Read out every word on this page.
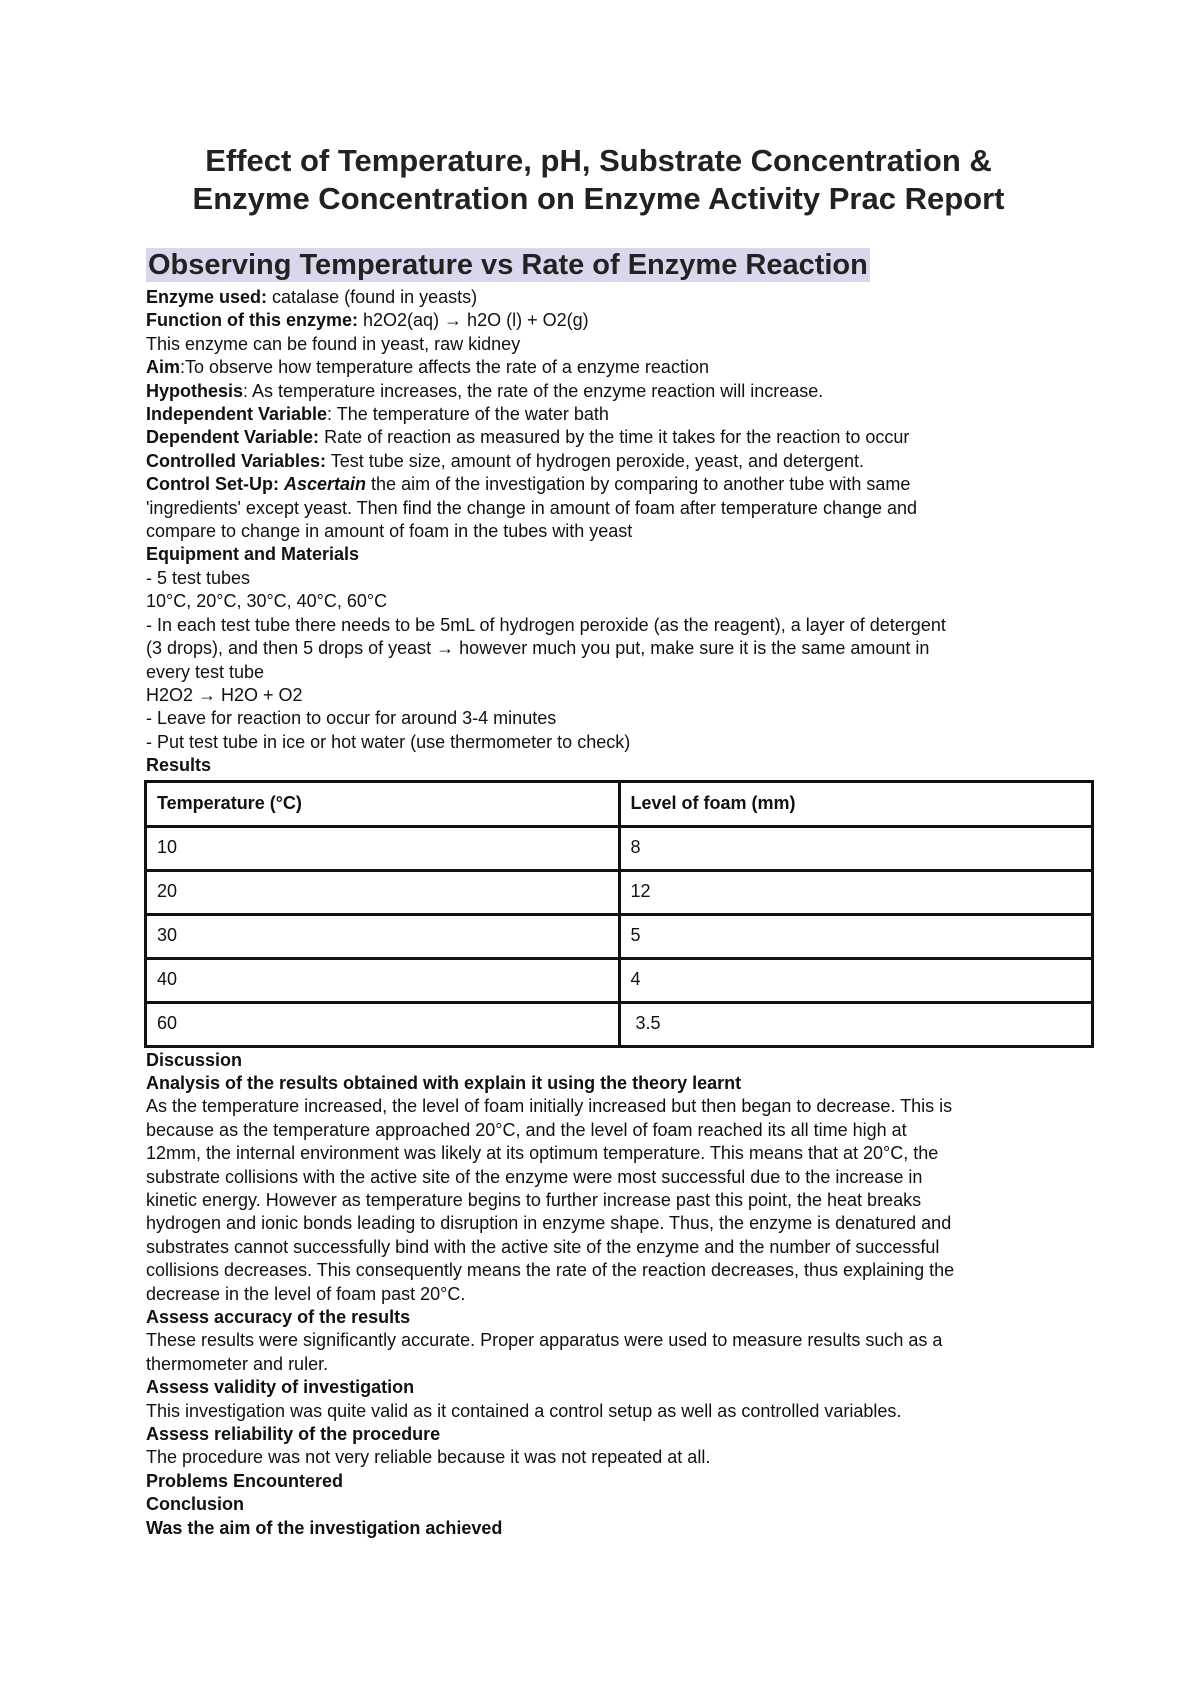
Effect of Temperature, pH, Substrate Concentration & Enzyme Concentration on Enzyme Activity Prac Report
Observing Temperature vs Rate of Enzyme Reaction
Enzyme used: catalase (found in yeasts)
Function of this enzyme: h2O2(aq) → h2O (l) + O2(g)
This enzyme can be found in yeast, raw kidney
Aim:To observe how temperature affects the rate of a enzyme reaction
Hypothesis: As temperature increases, the rate of the enzyme reaction will increase.
Independent Variable: The temperature of the water bath
Dependent Variable: Rate of reaction as measured by the time it takes for the reaction to occur
Controlled Variables: Test tube size, amount of hydrogen peroxide, yeast, and detergent.
Control Set-Up: Ascertain the aim of the investigation by comparing to another tube with same
'ingredients' except yeast. Then find the change in amount of foam after temperature change and
compare to change in amount of foam in the tubes with yeast
Equipment and Materials
- 5 test tubes
10°C, 20°C, 30°C, 40°C, 60°C
- In each test tube there needs to be 5mL of hydrogen peroxide (as the reagent), a layer of detergent
(3 drops), and then 5 drops of yeast → however much you put, make sure it is the same amount in
every test tube
H2O2 → H2O + O2
- Leave for reaction to occur for around 3-4 minutes
- Put test tube in ice or hot water (use thermometer to check)
Results
Temperature (°C)	Level of foam (mm)
10	8
20	12
30	5
40	4
60	3.5
Discussion
Analysis of the results obtained with explain it using the theory learnt
As the temperature increased, the level of foam initially increased but then began to decrease. This is
because as the temperature approached 20°C, and the level of foam reached its all time high at
12mm, the internal environment was likely at its optimum temperature. This means that at 20°C, the
substrate collisions with the active site of the enzyme were most successful due to the increase in
kinetic energy. However as temperature begins to further increase past this point, the heat breaks
hydrogen and ionic bonds leading to disruption in enzyme shape. Thus, the enzyme is denatured and
substrates cannot successfully bind with the active site of the enzyme and the number of successful
collisions decreases. This consequently means the rate of the reaction decreases, thus explaining the
decrease in the level of foam past 20°C.
Assess accuracy of the results
These results were significantly accurate. Proper apparatus were used to measure results such as a
thermometer and ruler.
Assess validity of investigation
This investigation was quite valid as it contained a control setup as well as controlled variables.
Assess reliability of the procedure
The procedure was not very reliable because it was not repeated at all.
Problems Encountered
Conclusion
Was the aim of the investigation achieved
